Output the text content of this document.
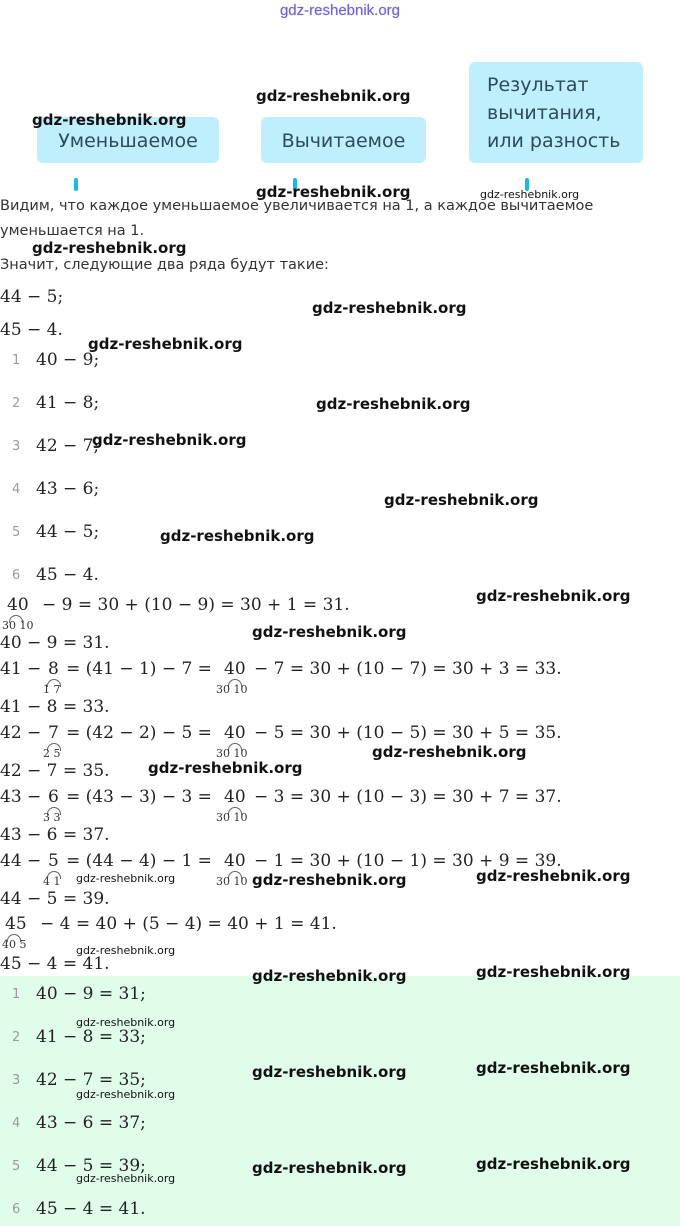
gdz-reshebnik.org
Уменьшаемое	Вычитаемое
Результат
вычитания,
или разность
Видим, что каждое уменьшаемое увеличивается на 1, а каждое вычитаемое
уменьшается на 1.
Значит, следующие два ряда будут такие:
44 − 5;
45 − 4.
1 40 − 9;
2 41 − 8;
3 42 − 7;
4 43 − 6;
5 44 − 5;
6 45 − 4.
40 − 9 = 30 + (10 − 9) = 30 + 1 = 31.
30 10
40 − 9 = 31.
41 − 8 = (41 − 1) − 7 = 40 − 7 = 30 + (10 − 7) = 30 + 3 = 33.
1 7	30 10
41 − 8 = 33.
42 − 7 = (42 − 2) − 5 = 40 − 5 = 30 + (10 − 5) = 30 + 5 = 35.
2 5	30 10
42 − 7 = 35.
43 − 6 = (43 − 3) − 3 = 40 − 3 = 30 + (10 − 3) = 30 + 7 = 37.
3 3	30 10
43 − 6 = 37.
44 − 5 = (44 − 4) − 1 = 40 − 1 = 30 + (10 − 1) = 30 + 9 = 39.
4 1	30 10
44 − 5 = 39.
45 − 4 = 40 + (5 − 4) = 40 + 1 = 41.
40 5
45 − 4 = 41.
1 40 − 9 = 31;
2 41 − 8 = 33;
3 42 − 7 = 35;
4 43 − 6 = 37;
5 44 − 5 = 39;
6 45 − 4 = 41.
gdz-reshebnik.org
gdz-reshebnik.org
gdz-reshebnik.org	gdz-reshebnik.org
gdz-reshebnik.org
gdz-reshebnik.org
gdz-reshebnik.org
gdz-reshebnik.org
gdz-reshebnik.org
gdz-reshebnik.org
gdz-reshebnik.org
gdz-reshebnik.org
gdz-reshebnik.org
gdz-reshebnik.org
gdz-reshebnik.org
gdz-reshebnik.org
gdz-reshebnik.org
gdz-reshebnik.org
gdz-reshebnik.org
gdz-reshebnik.org
gdz-reshebnik.org
gdz-reshebnik.org
gdz-reshebnik.org
gdz-reshebnik.org
gdz-reshebnik.org
gdz-reshebnik.org
gdz-reshebnik.org
gdz-reshebnik.org
